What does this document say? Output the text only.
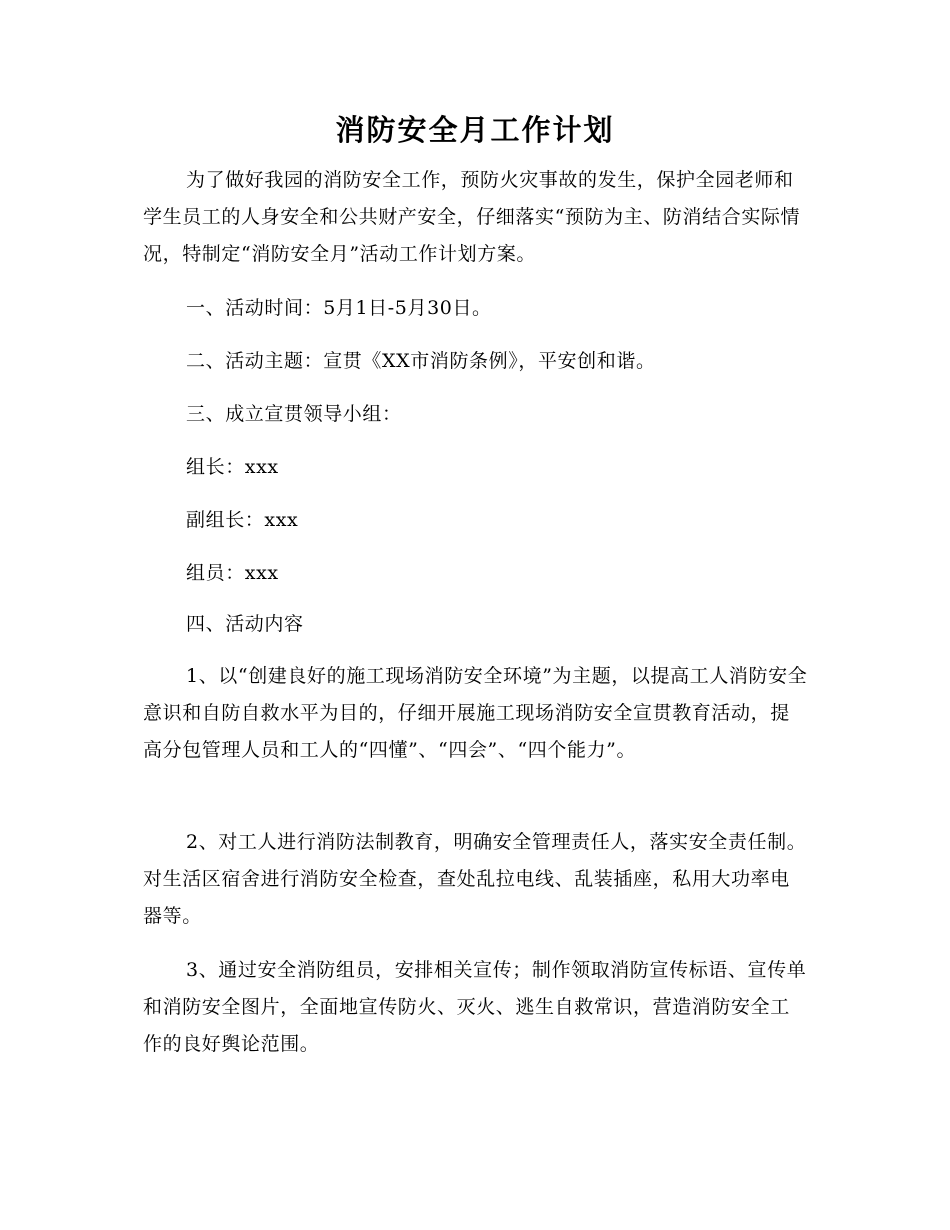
消防安全月工作计划

为了做好我园的消防安全工作，预防火灾事故的发生，保护全园老师和学生员工的人身安全和公共财产安全，仔细落实“预防为主、防消结合实际情况，特制定“消防安全月”活动工作计划方案。

一、活动时间：5月1日-5月30日。

二、活动主题：宣贯《XX市消防条例》，平安创和谐。

三、成立宣贯领导小组：

组长：xxx

副组长：xxx

组员：xxx

四、活动内容

1、以“创建良好的施工现场消防安全环境”为主题，以提高工人消防安全意识和自防自救水平为目的，仔细开展施工现场消防安全宣贯教育活动，提高分包管理人员和工人的“四懂”、“四会”、“四个能力”。

2、对工人进行消防法制教育，明确安全管理责任人，落实安全责任制。对生活区宿舍进行消防安全检查，查处乱拉电线、乱装插座，私用大功率电器等。

3、通过安全消防组员，安排相关宣传；制作领取消防宣传标语、宣传单和消防安全图片，全面地宣传防火、灭火、逃生自救常识，营造消防安全工作的良好舆论范围。
